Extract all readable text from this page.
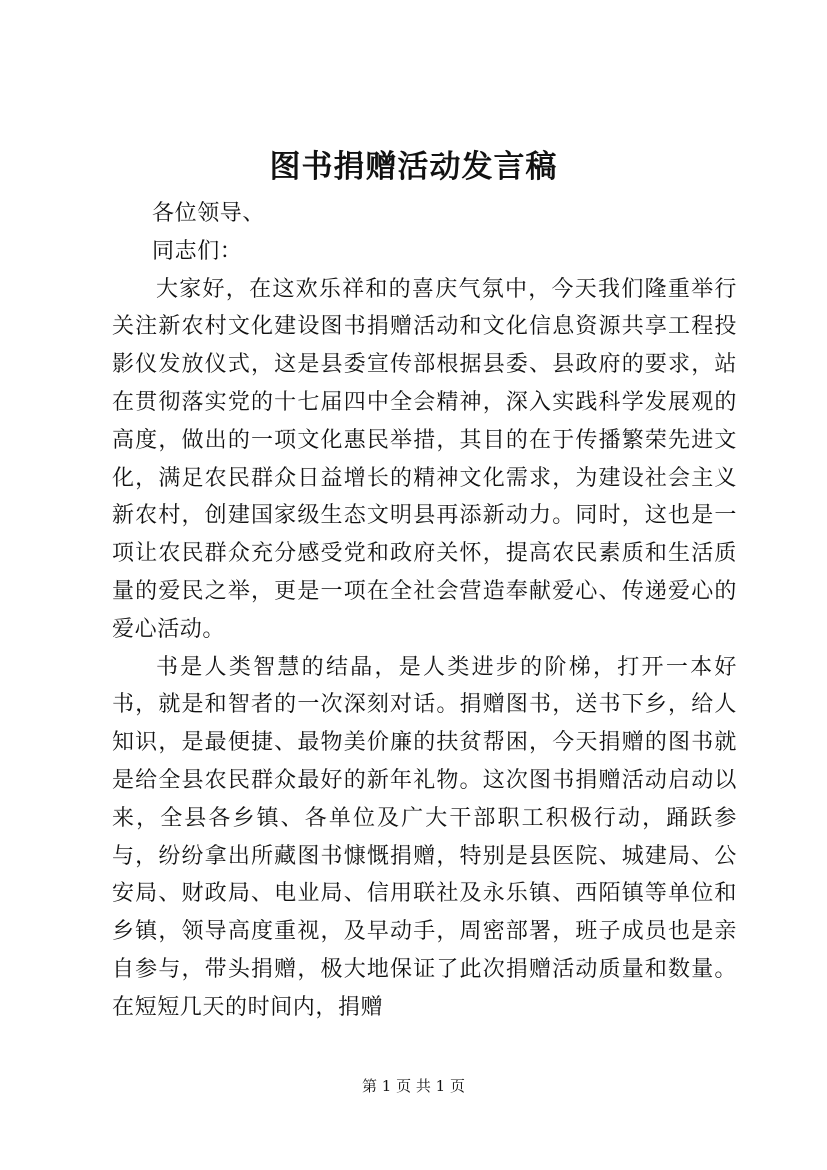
图书捐赠活动发言稿

各位领导、

同志们：

大家好，在这欢乐祥和的喜庆气氛中，今天我们隆重举行关注新农村文化建设图书捐赠活动和文化信息资源共享工程投影仪发放仪式，这是县委宣传部根据县委、县政府的要求，站在贯彻落实党的十七届四中全会精神，深入实践科学发展观的高度，做出的一项文化惠民举措，其目的在于传播繁荣先进文化，满足农民群众日益增长的精神文化需求，为建设社会主义新农村，创建国家级生态文明县再添新动力。同时，这也是一项让农民群众充分感受党和政府关怀，提高农民素质和生活质量的爱民之举，更是一项在全社会营造奉献爱心、传递爱心的爱心活动。

书是人类智慧的结晶，是人类进步的阶梯，打开一本好书，就是和智者的一次深刻对话。捐赠图书，送书下乡，给人知识，是最便捷、最物美价廉的扶贫帮困，今天捐赠的图书就是给全县农民群众最好的新年礼物。这次图书捐赠活动启动以来，全县各乡镇、各单位及广大干部职工积极行动，踊跃参与，纷纷拿出所藏图书慷慨捐赠，特别是县医院、城建局、公安局、财政局、电业局、信用联社及永乐镇、西陌镇等单位和乡镇，领导高度重视，及早动手，周密部署，班子成员也是亲自参与，带头捐赠，极大地保证了此次捐赠活动质量和数量。在短短几天的时间内，捐赠

第 1 页 共 1 页
